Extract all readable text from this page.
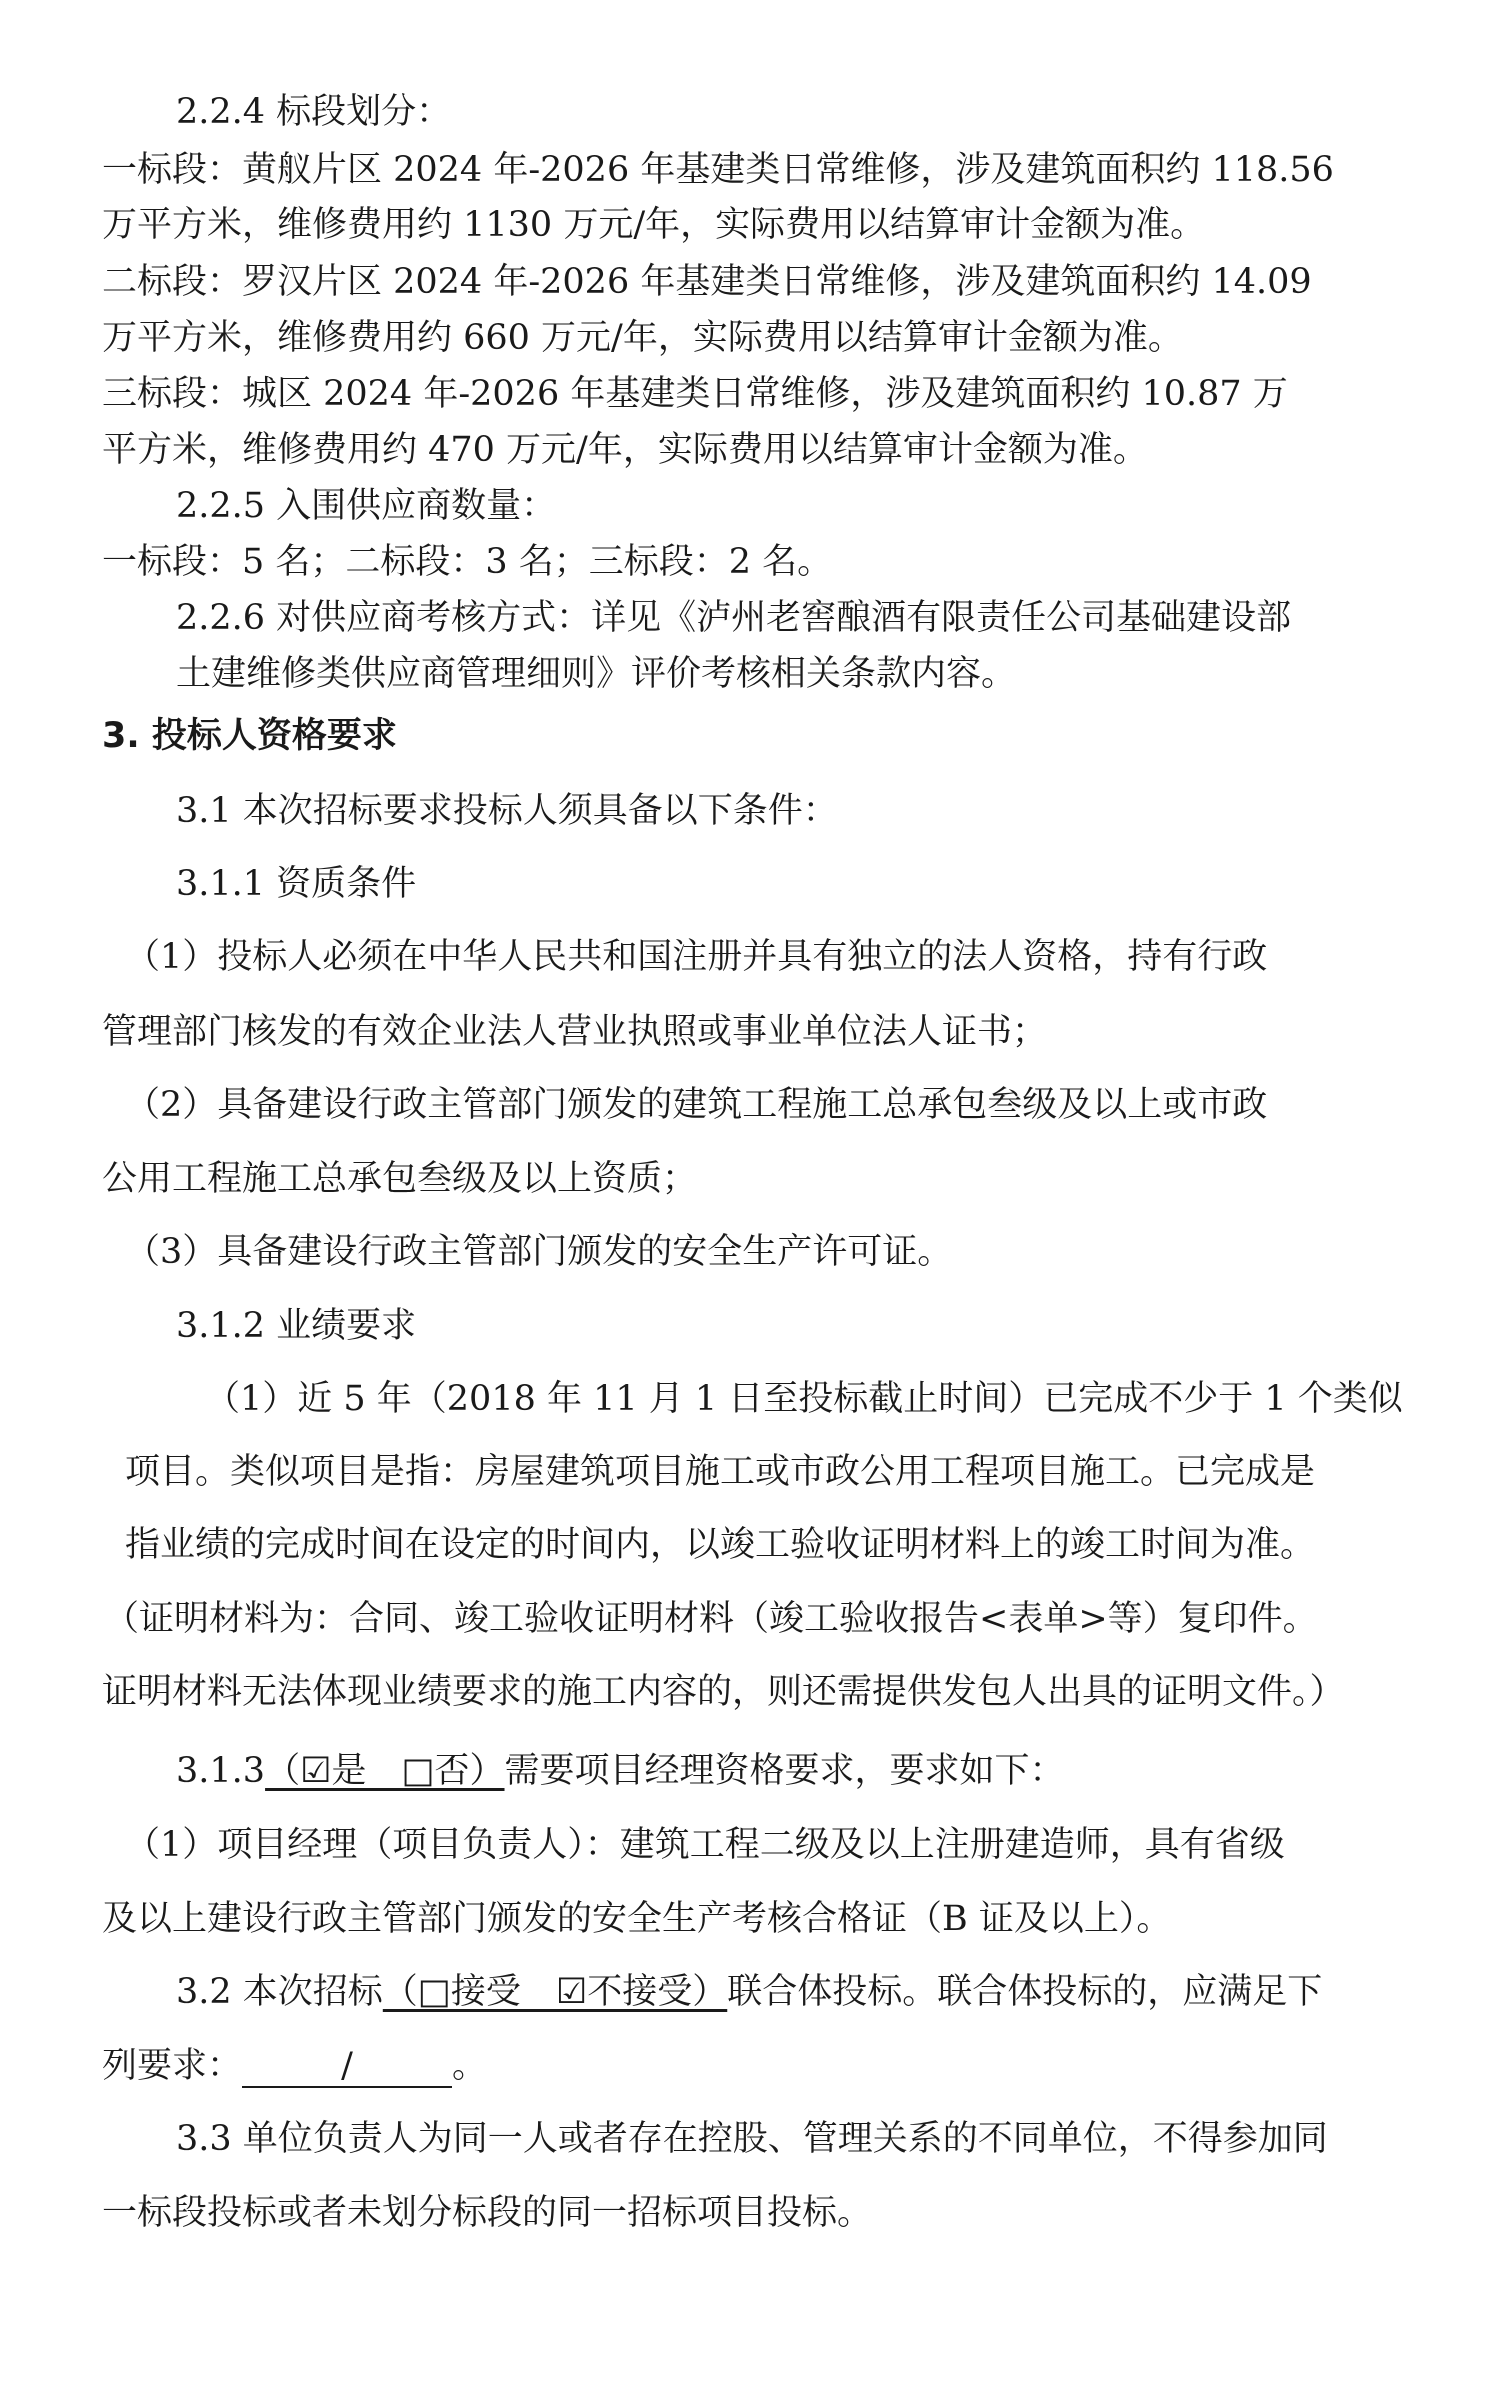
2.2.4 标段划分：
一标段：黄舣片区 2024 年-2026 年基建类日常维修，涉及建筑面积约 118.56
万平方米，维修费用约 1130 万元/年，实际费用以结算审计金额为准。
二标段：罗汉片区 2024 年-2026 年基建类日常维修，涉及建筑面积约 14.09
万平方米，维修费用约 660 万元/年，实际费用以结算审计金额为准。
三标段：城区 2024 年-2026 年基建类日常维修，涉及建筑面积约 10.87 万
平方米，维修费用约 470 万元/年，实际费用以结算审计金额为准。
2.2.5 入围供应商数量：
一标段：5 名；二标段：3 名；三标段：2 名。
2.2.6 对供应商考核方式：详见《泸州老窖酿酒有限责任公司基础建设部
土建维修类供应商管理细则》评价考核相关条款内容。
3. 投标人资格要求
3.1 本次招标要求投标人须具备以下条件：
3.1.1 资质条件
（1）投标人必须在中华人民共和国注册并具有独立的法人资格，持有行政
管理部门核发的有效企业法人营业执照或事业单位法人证书；
（2）具备建设行政主管部门颁发的建筑工程施工总承包叁级及以上或市政
公用工程施工总承包叁级及以上资质；
（3）具备建设行政主管部门颁发的安全生产许可证。
3.1.2 业绩要求
（1）近 5 年（2018 年 11 月 1 日至投标截止时间）已完成不少于 1 个类似
项目。类似项目是指：房屋建筑项目施工或市政公用工程项目施工。已完成是
指业绩的完成时间在设定的时间内，以竣工验收证明材料上的竣工时间为准。
（证明材料为：合同、竣工验收证明材料（竣工验收报告<表单>等）复印件。
证明材料无法体现业绩要求的施工内容的，则还需提供发包人出具的证明文件。）
3.1.3（☑是　□否）需要项目经理资格要求，要求如下：
（1）项目经理（项目负责人）：建筑工程二级及以上注册建造师，具有省级
及以上建设行政主管部门颁发的安全生产考核合格证（B 证及以上）。
3.2 本次招标（□接受　☑不接受）联合体投标。联合体投标的，应满足下
列要求：	/	。
3.3 单位负责人为同一人或者存在控股、管理关系的不同单位，不得参加同
一标段投标或者未划分标段的同一招标项目投标。
